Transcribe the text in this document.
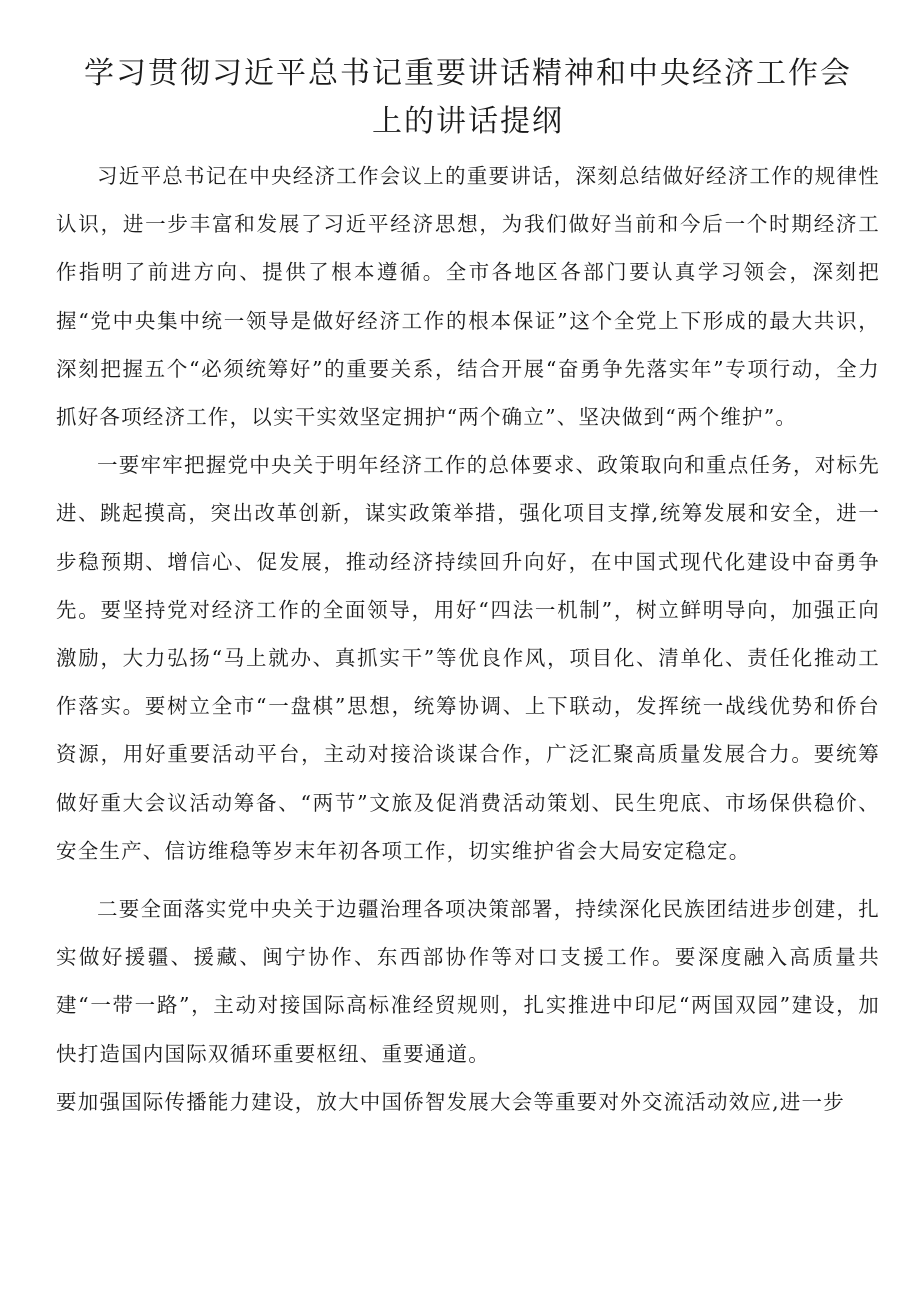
学习贯彻习近平总书记重要讲话精神和中央经济工作会上的讲话提纲

习近平总书记在中央经济工作会议上的重要讲话，深刻总结做好经济工作的规律性认识，进一步丰富和发展了习近平经济思想，为我们做好当前和今后一个时期经济工作指明了前进方向、提供了根本遵循。全市各地区各部门要认真学习领会，深刻把握“党中央集中统一领导是做好经济工作的根本保证”这个全党上下形成的最大共识，深刻把握五个“必须统筹好”的重要关系，结合开展“奋勇争先落实年”专项行动，全力抓好各项经济工作，以实干实效坚定拥护“两个确立”、坚决做到“两个维护”。

一要牢牢把握党中央关于明年经济工作的总体要求、政策取向和重点任务，对标先进、跳起摸高，突出改革创新，谋实政策举措，强化项目支撑,统筹发展和安全，进一步稳预期、增信心、促发展，推动经济持续回升向好，在中国式现代化建设中奋勇争先。要坚持党对经济工作的全面领导，用好“四法一机制”，树立鲜明导向，加强正向激励，大力弘扬“马上就办、真抓实干”等优良作风，项目化、清单化、责任化推动工作落实。要树立全市“一盘棋”思想，统筹协调、上下联动，发挥统一战线优势和侨台资源，用好重要活动平台，主动对接洽谈谋合作，广泛汇聚高质量发展合力。要统筹做好重大会议活动筹备、“两节”文旅及促消费活动策划、民生兜底、市场保供稳价、安全生产、信访维稳等岁末年初各项工作，切实维护省会大局安定稳定。

二要全面落实党中央关于边疆治理各项决策部署，持续深化民族团结进步创建，扎实做好援疆、援藏、闽宁协作、东西部协作等对口支援工作。要深度融入高质量共建“一带一路”，主动对接国际高标准经贸规则，扎实推进中印尼“两国双园”建设，加快打造国内国际双循环重要枢纽、重要通道。

要加强国际传播能力建设，放大中国侨智发展大会等重要对外交流活动效应,进一步
